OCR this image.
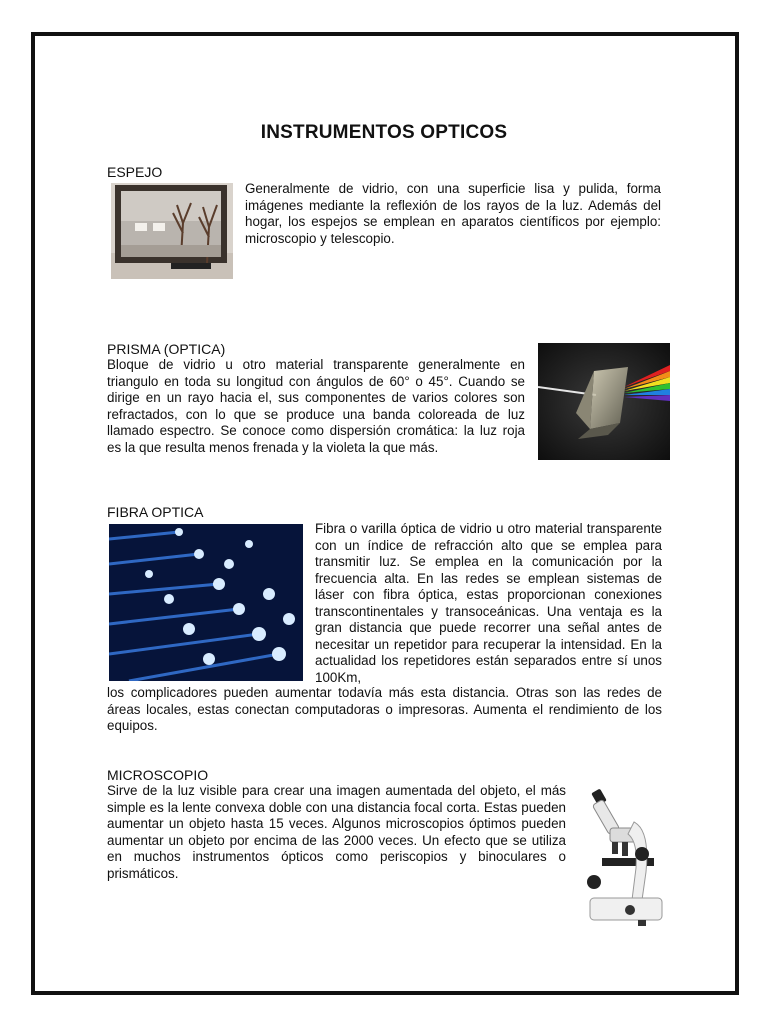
INSTRUMENTOS OPTICOS
ESPEJO
Generalmente de vidrio, con una superficie lisa y pulida, forma imágenes mediante la reflexión de los rayos de la luz. Además del hogar, los espejos se emplean en aparatos científicos por ejemplo: microscopio y telescopio.
PRISMA (OPTICA)
Bloque de vidrio u otro material transparente generalmente en triangulo en toda su longitud con ángulos de 60° o 45°. Cuando se dirige en un rayo hacia el, sus componentes de varios colores son refractados, con lo que se produce una banda coloreada de luz llamado espectro. Se conoce como dispersión cromática: la luz roja es la que resulta menos frenada y la violeta la que más.
FIBRA OPTICA
Fibra o varilla óptica de vidrio u otro material transparente con un índice de refracción alto que se emplea para transmitir luz. Se emplea en la comunicación por la frecuencia alta. En las redes se emplean sistemas de láser con fibra óptica, estas proporcionan conexiones transcontinentales y transoceánicas. Una ventaja es la gran distancia que puede recorrer una señal antes de necesitar un repetidor para recuperar la intensidad. En la actualidad los repetidores están separados entre sí unos 100Km,
los complicadores pueden aumentar todavía más esta distancia. Otras son las redes de áreas locales, estas conectan computadoras o impresoras. Aumenta el rendimiento de los equipos.
MICROSCOPIO
Sirve de la luz visible para crear una imagen aumentada del objeto, el más simple es la lente convexa doble con una distancia focal corta. Estas pueden aumentar un objeto hasta 15 veces. Algunos microscopios óptimos pueden aumentar un objeto por encima de las 2000 veces. Un efecto que se utiliza en muchos instrumentos ópticos como periscopios y binoculares o prismáticos.
